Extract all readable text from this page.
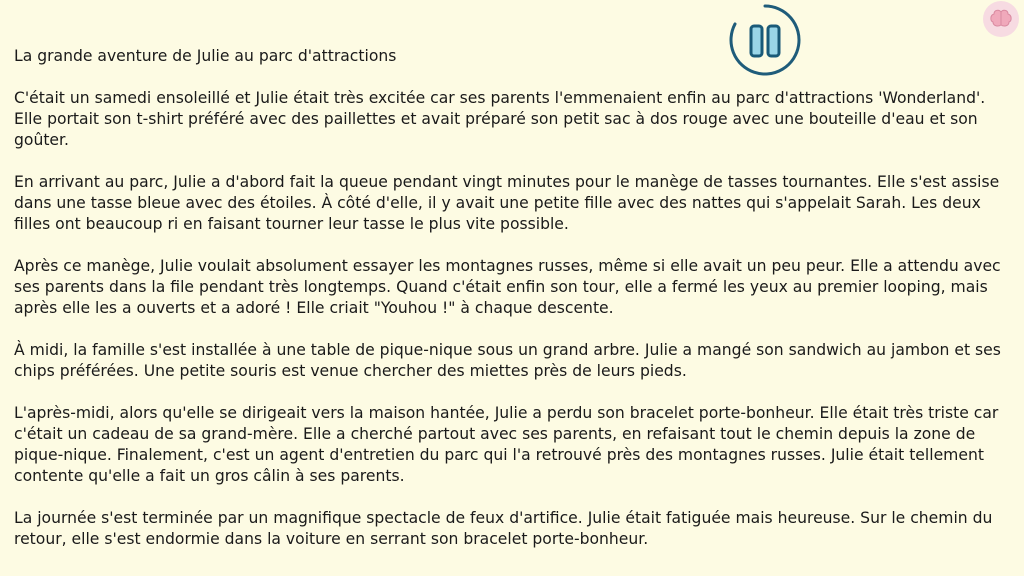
La grande aventure de Julie au parc d'attractions

C'était un samedi ensoleillé et Julie était très excitée car ses parents l'emmenaient enfin au parc d'attractions 'Wonderland'. Elle portait son t-shirt préféré avec des paillettes et avait préparé son petit sac à dos rouge avec une bouteille d'eau et son goûter.

En arrivant au parc, Julie a d'abord fait la queue pendant vingt minutes pour le manège de tasses tournantes. Elle s'est assise dans une tasse bleue avec des étoiles. À côté d'elle, il y avait une petite fille avec des nattes qui s'appelait Sarah. Les deux filles ont beaucoup ri en faisant tourner leur tasse le plus vite possible.

Après ce manège, Julie voulait absolument essayer les montagnes russes, même si elle avait un peu peur. Elle a attendu avec ses parents dans la file pendant très longtemps. Quand c'était enfin son tour, elle a fermé les yeux au premier looping, mais après elle les a ouverts et a adoré ! Elle criait "Youhou !" à chaque descente.

À midi, la famille s'est installée à une table de pique-nique sous un grand arbre. Julie a mangé son sandwich au jambon et ses chips préférées. Une petite souris est venue chercher des miettes près de leurs pieds.

L'après-midi, alors qu'elle se dirigeait vers la maison hantée, Julie a perdu son bracelet porte-bonheur. Elle était très triste car c'était un cadeau de sa grand-mère. Elle a cherché partout avec ses parents, en refaisant tout le chemin depuis la zone de pique-nique. Finalement, c'est un agent d'entretien du parc qui l'a retrouvé près des montagnes russes. Julie était tellement contente qu'elle a fait un gros câlin à ses parents.

La journée s'est terminée par un magnifique spectacle de feux d'artifice. Julie était fatiguée mais heureuse. Sur le chemin du retour, elle s'est endormie dans la voiture en serrant son bracelet porte-bonheur.
